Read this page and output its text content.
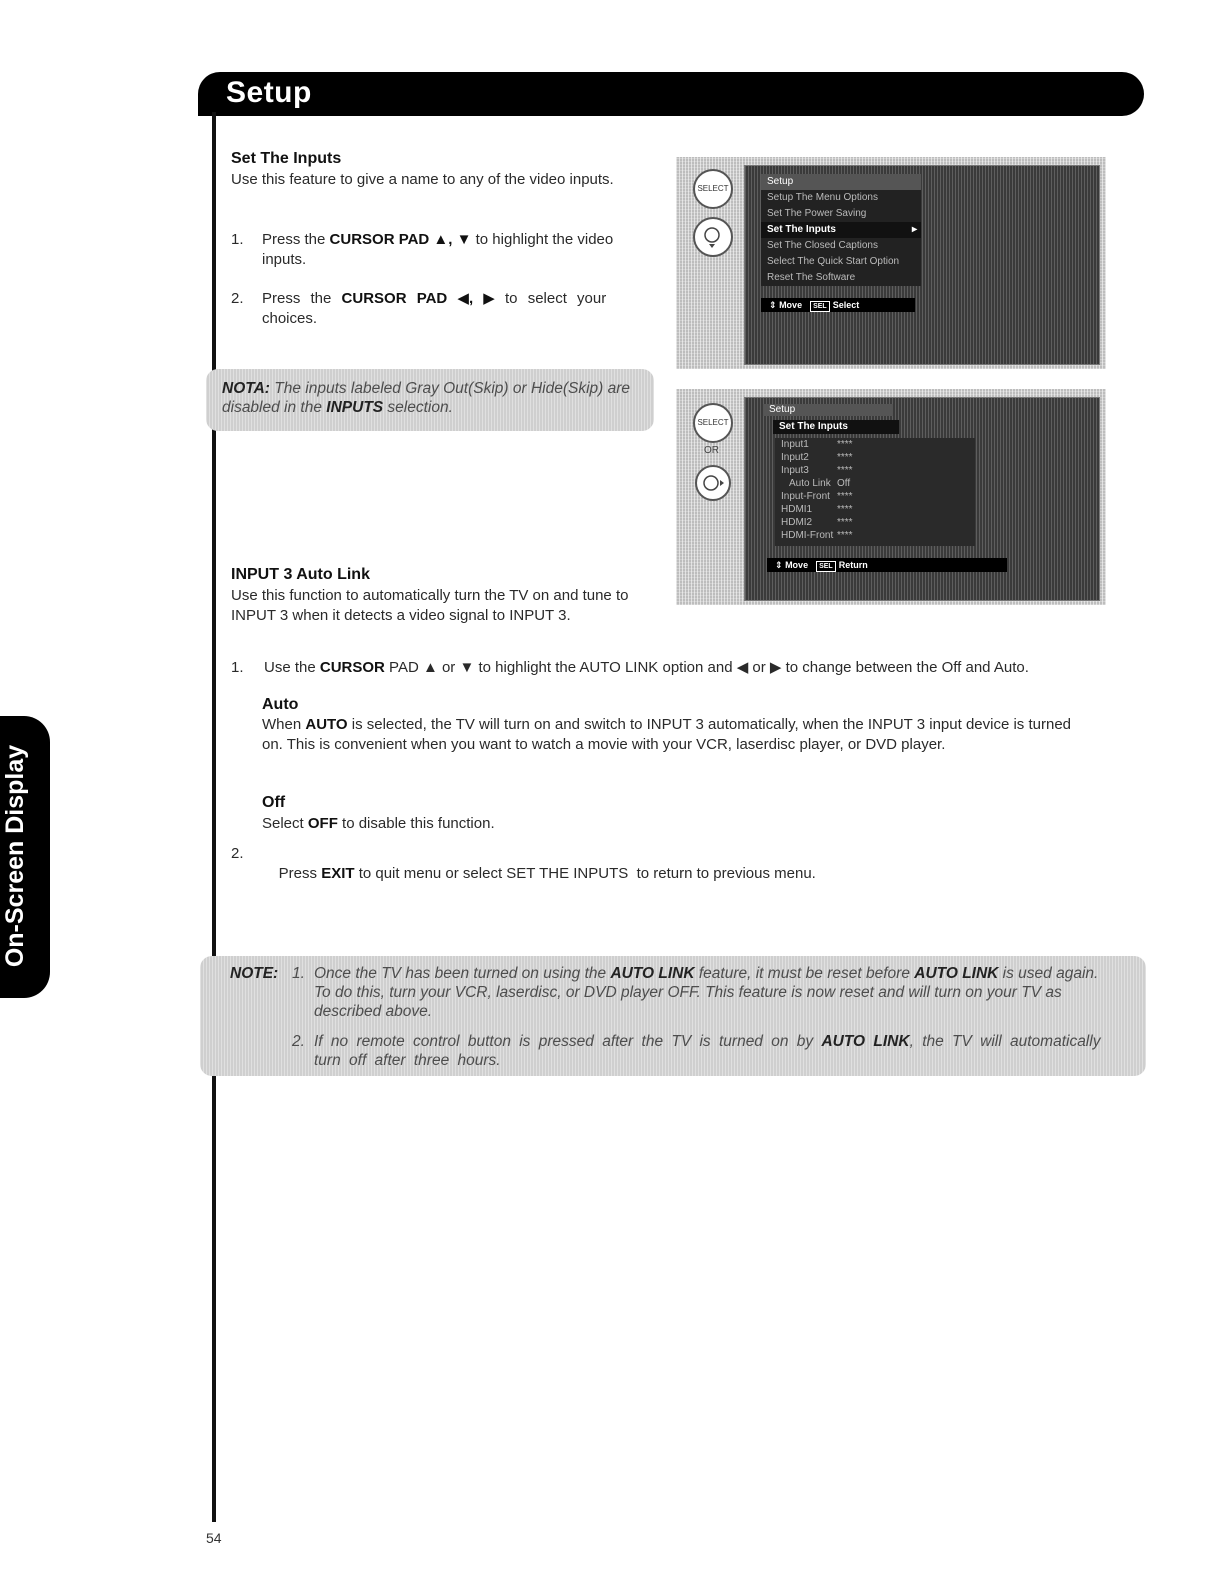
Setup
On-Screen Display
Set The Inputs
Use this feature to give a name to any of the video inputs.
1. Press the CURSOR PAD ▲, ▼ to highlight the video inputs.
2. Press the CURSOR PAD ◀, ▶ to select your choices.
NOTA: The inputs labeled Gray Out(Skip) or Hide(Skip) are disabled in the INPUTS selection.
SELECT
Setup
Setup The Menu Options
Set The Power Saving
Set The Inputs	▸
Set The Closed Captions
Select The Quick Start Option
Reset The Software
⇕ Move SEL Select
SELECT
OR
Setup
Set The Inputs
Input1	****
Input2	****
Input3	****
Auto Link Off
Input-Front ****
HDMI1 ****
HDMI2 ****
HDMI-Front ****
⇕ Move SEL Return
INPUT 3 Auto Link
Use this function to automatically turn the TV on and tune to INPUT 3 when it detects a video signal to INPUT 3.
1. Use the CURSOR PAD ▲ or ▼ to highlight the AUTO LINK option and ◀ or ▶ to change between the Off and Auto.
Auto
When AUTO is selected, the TV will turn on and switch to INPUT 3 automatically, when the INPUT 3 input device is turned on. This is convenient when you want to watch a movie with your VCR, laserdisc player, or DVD player.
Off
Select OFF to disable this function.
2.

Press EXIT to quit menu or select SET THE INPUTS  to return to previous menu.

NOTE: 1. Once the TV has been turned on using the AUTO LINK feature, it must be reset before AUTO LINK is used again. To do this, turn your VCR, laserdisc, or DVD player OFF. This feature is now reset and will turn on your TV as described above.
2. If no remote control button is pressed after the TV is turned on by AUTO LINK, the TV will automatically turn off after three hours.
54
